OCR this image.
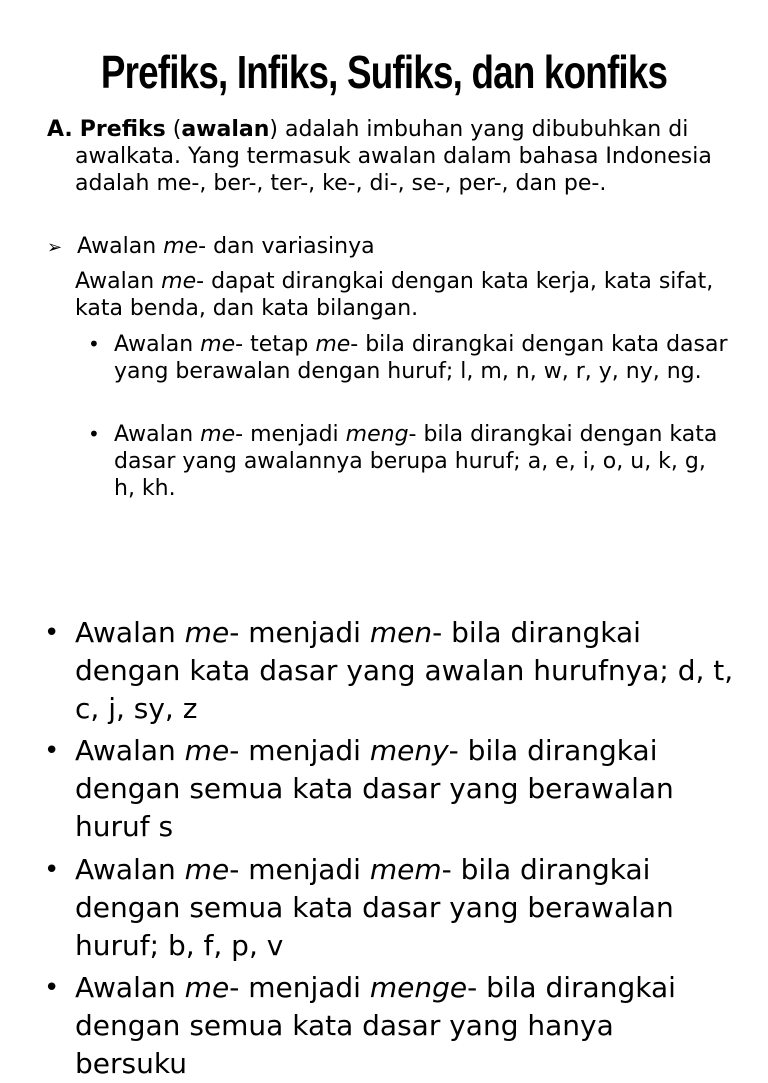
Prefiks, Infiks, Sufiks, dan konfiks
A. Prefiks (awalan) adalah imbuhan yang dibubuhkan di awalkata. Yang termasuk awalan dalam bahasa Indonesia adalah me-, ber-, ter-, ke-, di-, se-, per-, dan pe-.
➢ Awalan me- dan variasinya
Awalan me- dapat dirangkai dengan kata kerja, kata sifat, kata benda, dan kata bilangan.
• Awalan me- tetap me- bila dirangkai dengan kata dasar yang berawalan dengan huruf; l, m, n, w, r, y, ny, ng.
• Awalan me- menjadi meng- bila dirangkai dengan kata dasar yang awalannya berupa huruf; a, e, i, o, u, k, g, h, kh.
• Awalan me- menjadi men- bila dirangkai dengan kata dasar yang awalan hurufnya; d, t, c, j, sy, z
• Awalan me- menjadi meny- bila dirangkai dengan semua kata dasar yang berawalan huruf s
• Awalan me- menjadi mem- bila dirangkai dengan semua kata dasar yang berawalan huruf; b, f, p, v
• Awalan me- menjadi menge- bila dirangkai dengan semua kata dasar yang hanya bersuku
